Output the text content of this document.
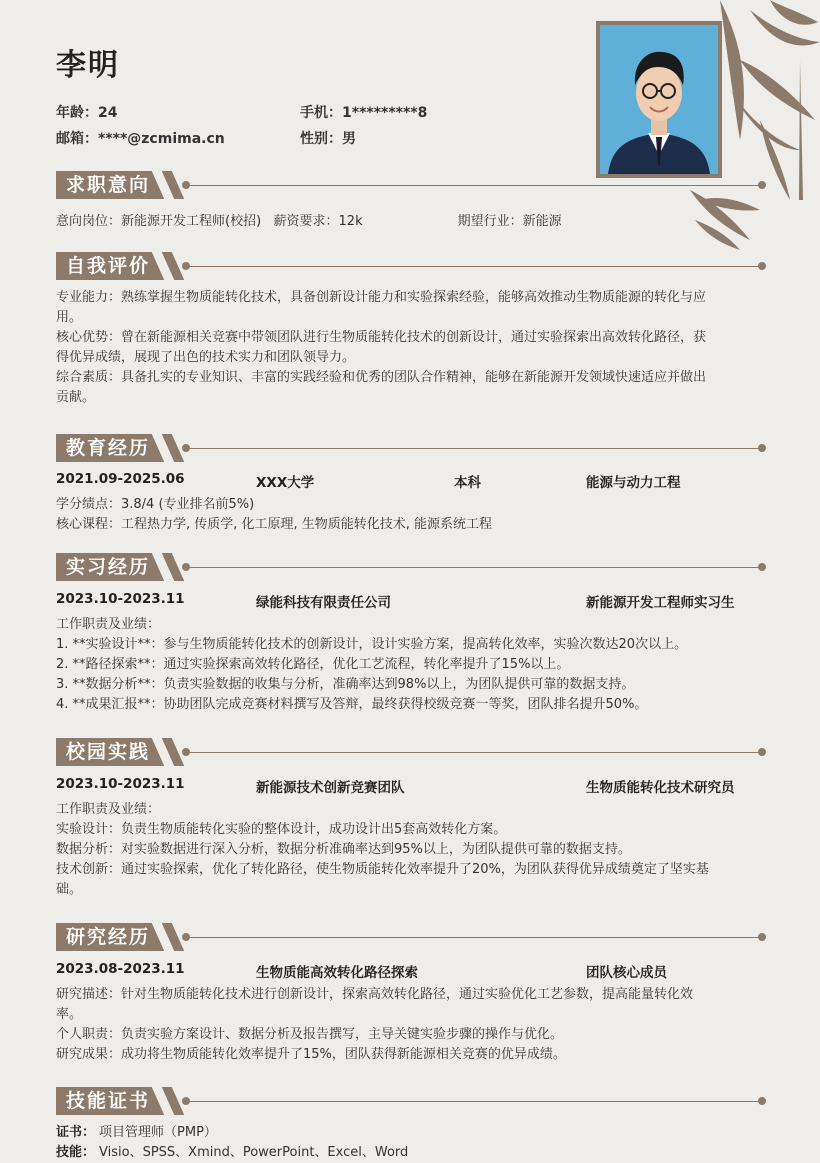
李明
年龄：24	手机：1*********8
邮箱：****@zcmima.cn	性别：男
求职意向
意向岗位：新能源开发工程师(校招)   薪资要求：12k                       期望行业：新能源
自我评价

专业能力：熟练掌握生物质能转化技术，具备创新设计能力和实验探索经验，能够高效推动生物质能源的转化与应

用。

核心优势：曾在新能源相关竞赛中带领团队进行生物质能转化技术的创新设计，通过实验探索出高效转化路径，获

得优异成绩，展现了出色的技术实力和团队领导力。

综合素质：具备扎实的专业知识、丰富的实践经验和优秀的团队合作精神，能够在新能源开发领域快速适应并做出

贡献。

教育经历
2021.09-2025.06	XXX大学	本科	能源与动力工程

学分绩点：3.8/4 (专业排名前5%)

核心课程：工程热力学, 传质学, 化工原理, 生物质能转化技术, 能源系统工程

实习经历
2023.10-2023.11	绿能科技有限责任公司	新能源开发工程师实习生

工作职责及业绩：

1. **实验设计**：参与生物质能转化技术的创新设计，设计实验方案，提高转化效率，实验次数达20次以上。

2. **路径探索**：通过实验探索高效转化路径，优化工艺流程，转化率提升了15%以上。

3. **数据分析**：负责实验数据的收集与分析，准确率达到98%以上，为团队提供可靠的数据支持。

4. **成果汇报**：协助团队完成竞赛材料撰写及答辩，最终获得校级竞赛一等奖，团队排名提升50%。

校园实践
2023.10-2023.11	新能源技术创新竞赛团队	生物质能转化技术研究员

工作职责及业绩：

实验设计：负责生物质能转化实验的整体设计，成功设计出5套高效转化方案。

数据分析：对实验数据进行深入分析，数据分析准确率达到95%以上，为团队提供可靠的数据支持。

技术创新：通过实验探索，优化了转化路径，使生物质能转化效率提升了20%，为团队获得优异成绩奠定了坚实基

础。

研究经历
2023.08-2023.11	生物质能高效转化路径探索	团队核心成员

研究描述：针对生物质能转化技术进行创新设计，探索高效转化路径，通过实验优化工艺参数，提高能量转化效

率。

个人职责：负责实验方案设计、数据分析及报告撰写，主导关键实验步骤的操作与优化。

研究成果：成功将生物质能转化效率提升了15%，团队获得新能源相关竞赛的优异成绩。

技能证书

证书： 项目管理师（PMP）

技能： Visio、SPSS、Xmind、PowerPoint、Excel、Word
